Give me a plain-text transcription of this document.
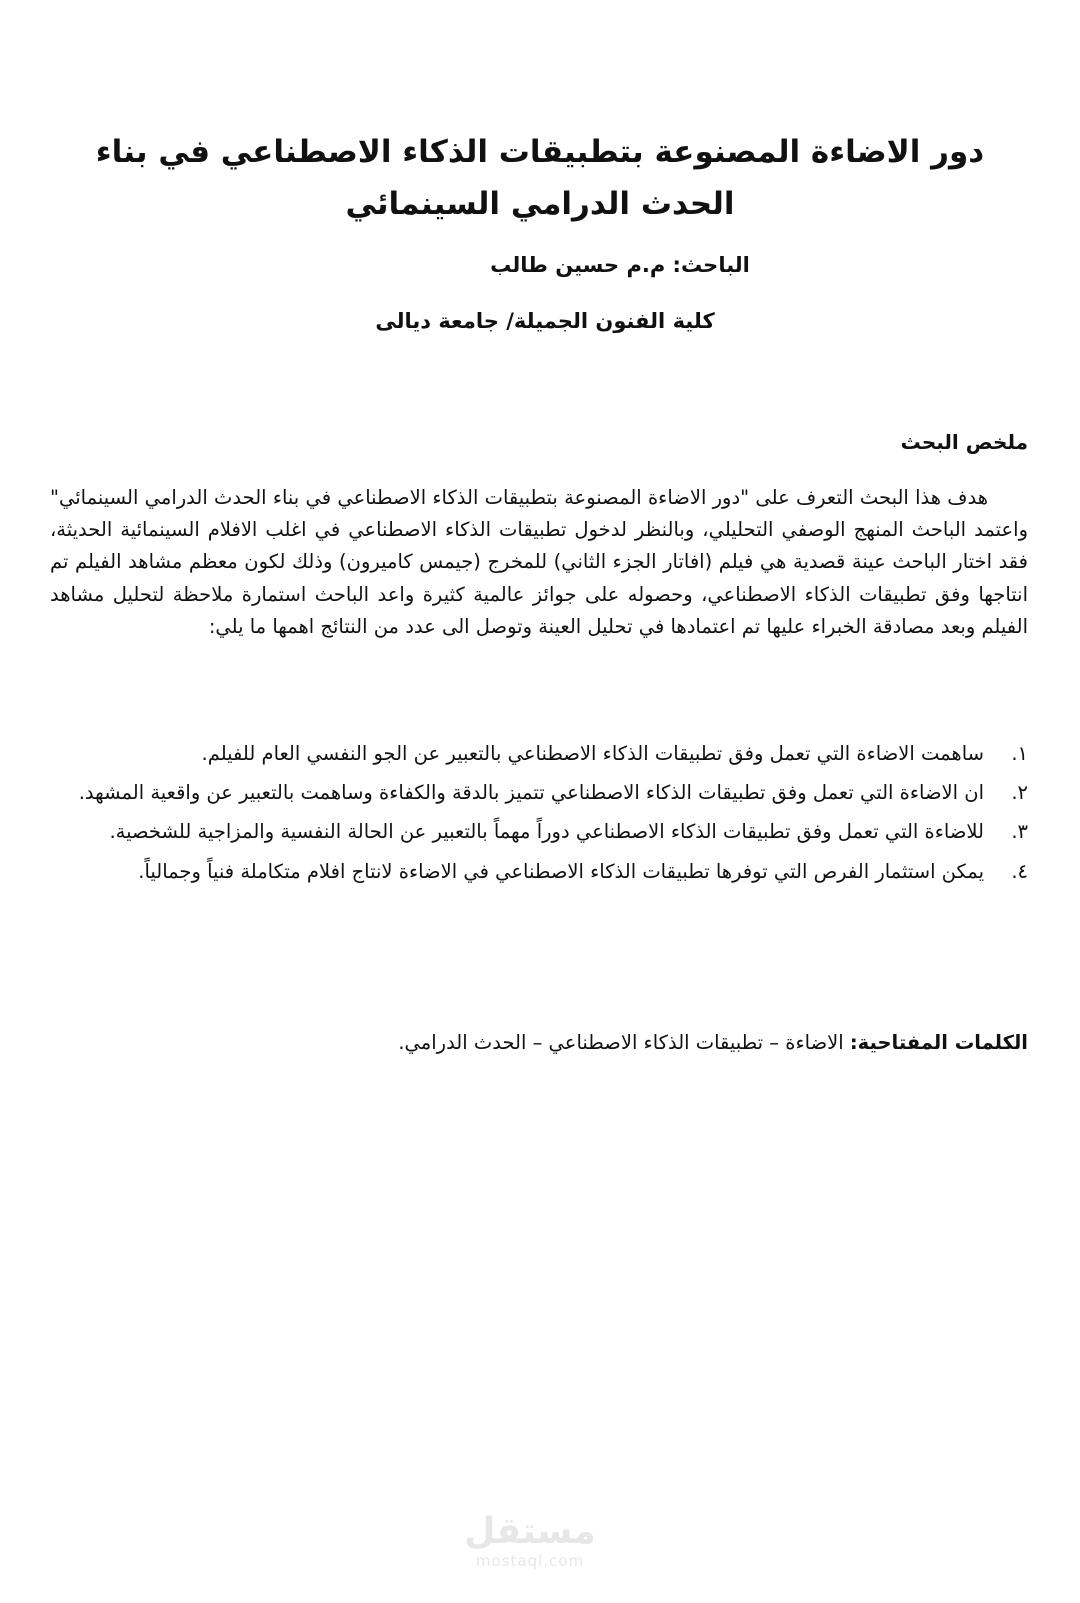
دور الاضاءة المصنوعة بتطبيقات الذكاء الاصطناعي في بناء الحدث الدرامي السينمائي

الباحث: م.م حسين طالب

كلية الفنون الجميلة/ جامعة ديالى

ملخص البحث

هدف هذا البحث التعرف على "دور الاضاءة المصنوعة بتطبيقات الذكاء الاصطناعي في بناء الحدث الدرامي السينمائي" واعتمد الباحث المنهج الوصفي التحليلي، وبالنظر لدخول تطبيقات الذكاء الاصطناعي في اغلب الافلام السينمائية الحديثة، فقد اختار الباحث عينة قصدية هي فيلم (افاتار الجزء الثاني) للمخرج (جيمس كاميرون) وذلك لكون معظم مشاهد الفيلم تم انتاجها وفق تطبيقات الذكاء الاصطناعي، وحصوله على جوائز عالمية كثيرة واعد الباحث استمارة ملاحظة لتحليل مشاهد الفيلم وبعد مصادقة الخبراء عليها تم اعتمادها في تحليل العينة وتوصل الى عدد من النتائج اهمها ما يلي:

١.
ساهمت الاضاءة التي تعمل وفق تطبيقات الذكاء الاصطناعي بالتعبير عن الجو النفسي العام للفيلم.
٢.
ان الاضاءة التي تعمل وفق تطبيقات الذكاء الاصطناعي تتميز بالدقة والكفاءة وساهمت بالتعبير عن واقعية المشهد.
٣.
للاضاءة التي تعمل وفق تطبيقات الذكاء الاصطناعي دوراً مهماً بالتعبير عن الحالة النفسية والمزاجية للشخصية.
٤.
يمكن استثمار الفرص التي توفرها تطبيقات الذكاء الاصطناعي في الاضاءة لانتاج افلام متكاملة فنياً وجمالياً.

الكلمات المفتاحية: الاضاءة – تطبيقات الذكاء الاصطناعي – الحدث الدرامي.

مستقل
mostaql.com
